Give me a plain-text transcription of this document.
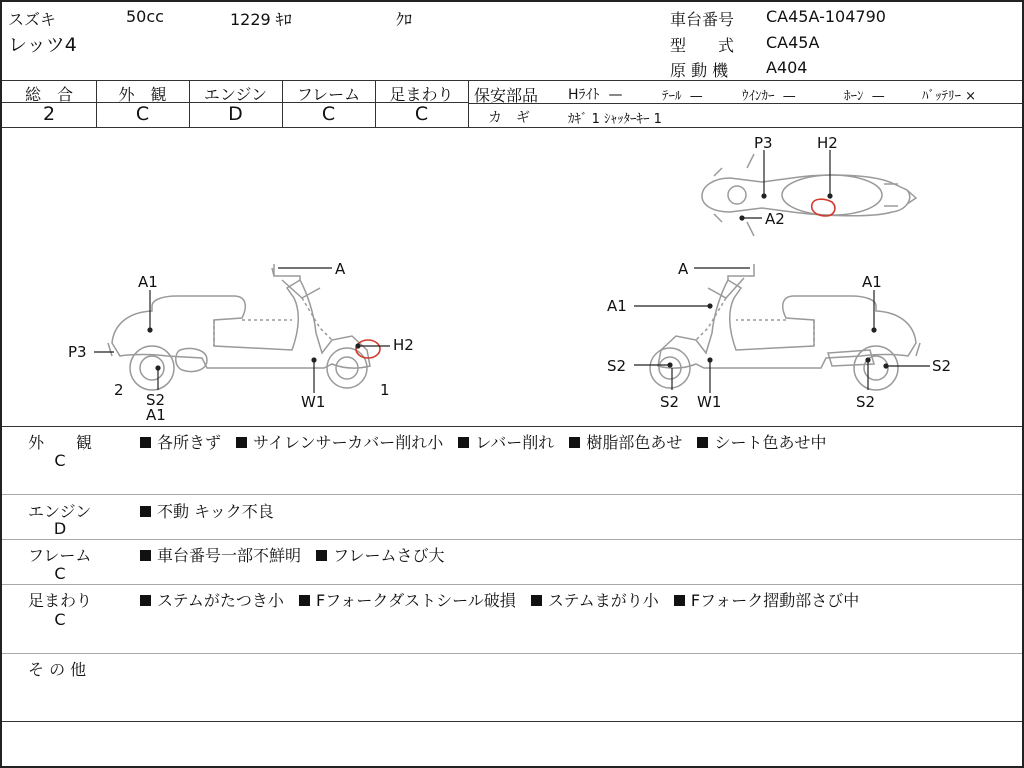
スズキ	50cc	1229 ｷﾛ	ｸﾛ
レッツ4
車台番号 CA45A-104790
型　　式 CA45A
原 動 機 A404
総　合
2
外　観
C
エンジン
D
フレーム
C
足まわり
C
保安部品 Hﾗｲﾄ —	ﾃｰﾙ —	ｳｲﾝｶｰ —	ﾎｰﾝ —	ﾊﾞｯﾃﾘｰ ×
カ　ギ	ｶｷﾞ 1 ｼｬｯﾀｰｷｰ 1
A
A1
P3	H2
2
S2
A1
W1
1
P3	H2
A2
A
A1
A1
S2
S2 W1
S2
S2
外　　観
C
各所きず サイレンサーカバー削れ小 レバー削れ 樹脂部色あせ シート色あせ中
エンジン
D
不動 キック不良
フレーム
C
車台番号一部不鮮明 フレームさび大
足まわり
C
ステムがたつき小 Fフォークダストシール破損 ステムまがり小 Fフォーク摺動部さび中
そ の 他
